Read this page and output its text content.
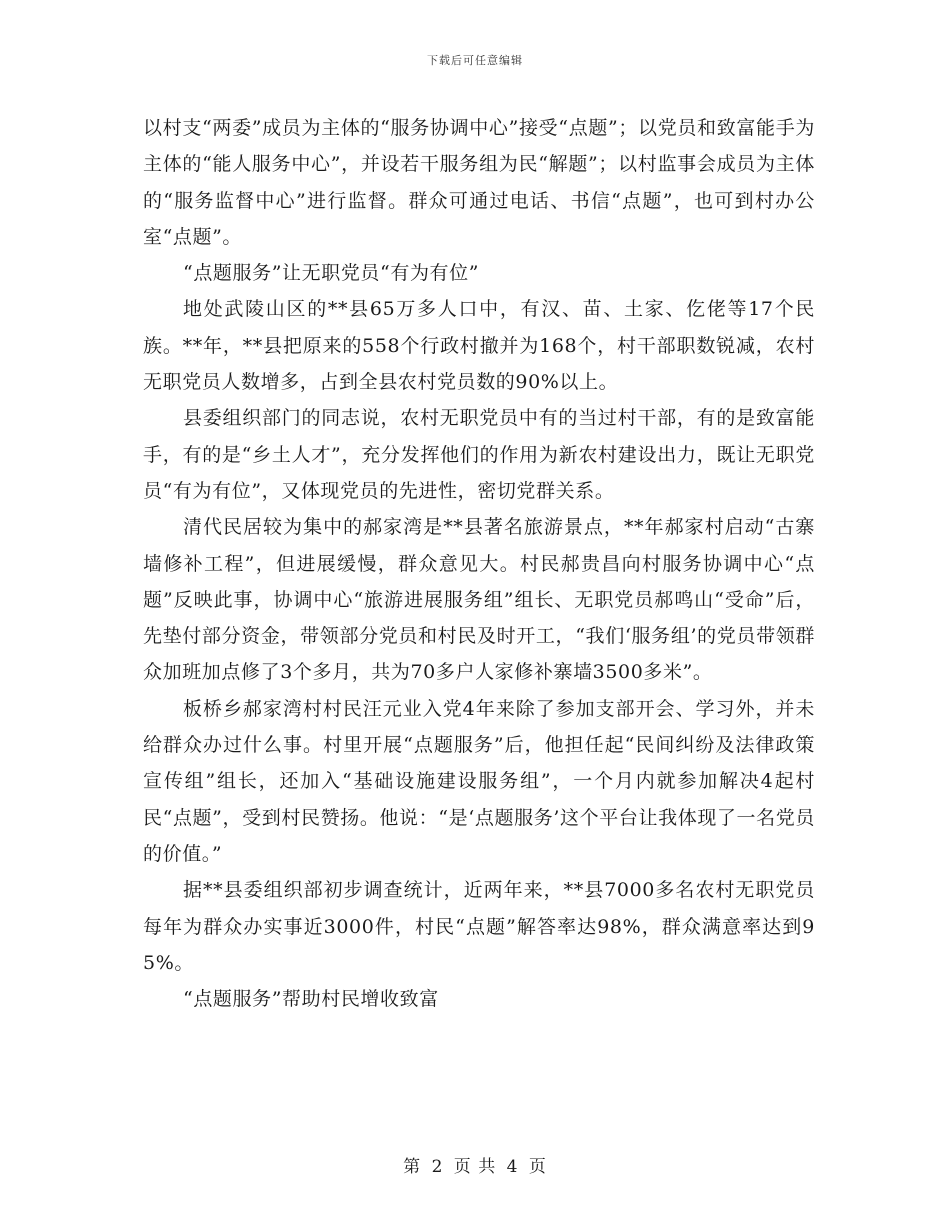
下载后可任意编辑

以村支“两委”成员为主体的“服务协调中心”接受“点题”；以党员和致富能手为主体的“能人服务中心”，并设若干服务组为民“解题”；以村监事会成员为主体的“服务监督中心”进行监督。群众可通过电话、书信“点题”，也可到村办公室“点题”。

“点题服务”让无职党员“有为有位”

地处武陵山区的**县65万多人口中，有汉、苗、土家、仡佬等17个民族。**年，**县把原来的558个行政村撤并为168个，村干部职数锐减，农村无职党员人数增多，占到全县农村党员数的90%以上。

县委组织部门的同志说，农村无职党员中有的当过村干部，有的是致富能手，有的是“乡土人才”，充分发挥他们的作用为新农村建设出力，既让无职党员“有为有位”，又体现党员的先进性，密切党群关系。

清代民居较为集中的郝家湾是**县著名旅游景点，**年郝家村启动“古寨墙修补工程”，但进展缓慢，群众意见大。村民郝贵昌向村服务协调中心“点题”反映此事，协调中心“旅游进展服务组”组长、无职党员郝鸣山“受命”后，先垫付部分资金，带领部分党员和村民及时开工，“我们‘服务组’的党员带领群众加班加点修了3个多月，共为70多户人家修补寨墙3500多米”。

板桥乡郝家湾村村民汪元业入党4年来除了参加支部开会、学习外，并未给群众办过什么事。村里开展“点题服务”后，他担任起“民间纠纷及法律政策宣传组”组长，还加入“基础设施建设服务组”，一个月内就参加解决4起村民“点题”，受到村民赞扬。他说：“是‘点题服务’这个平台让我体现了一名党员的价值。”

据**县委组织部初步调查统计，近两年来，**县7000多名农村无职党员每年为群众办实事近3000件，村民“点题”解答率达98%，群众满意率达到95%。

“点题服务”帮助村民增收致富

第 2 页 共 4 页
